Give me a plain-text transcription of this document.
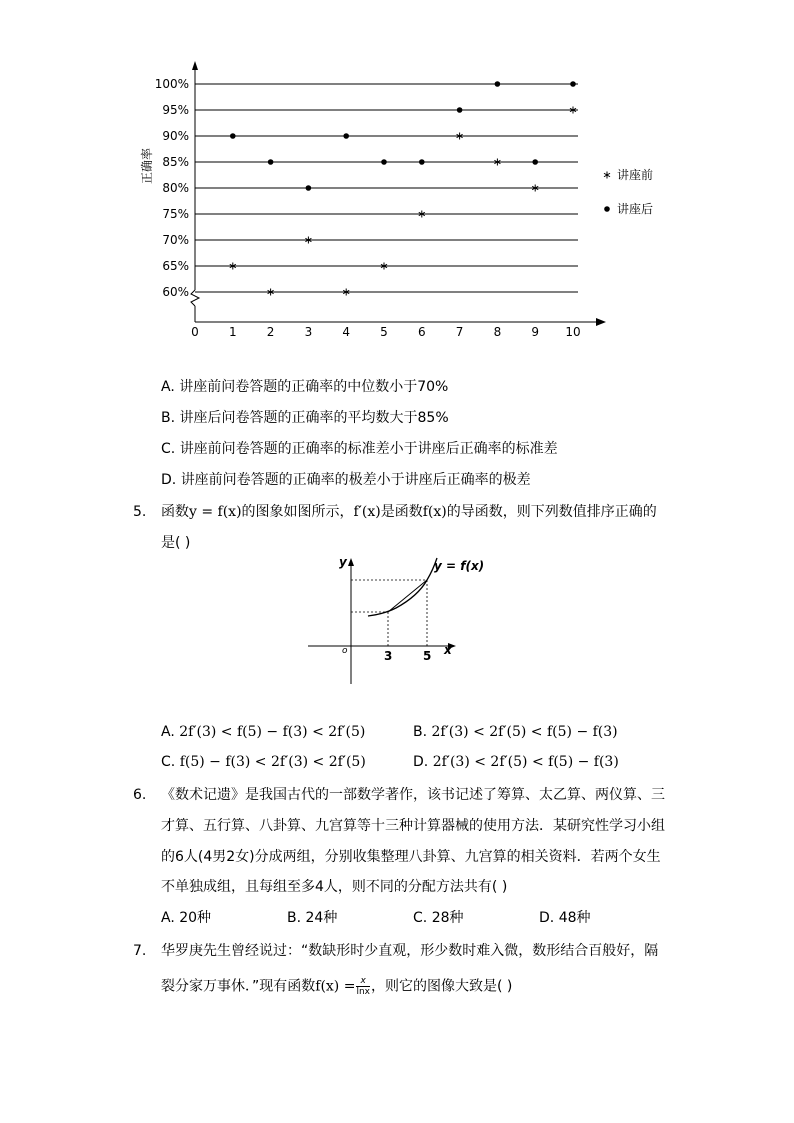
100%
95%
90%
85%
80%
75%
70%
65%
60%
0	1	2	3	4	5	6	7	8	9 10
正确率	讲座前
讲座后
A. 讲座前问卷答题的正确率的中位数小于70%
B. 讲座后问卷答题的正确率的平均数大于85%
C. 讲座前问卷答题的正确率的标准差小于讲座后正确率的标准差
D. 讲座前问卷答题的正确率的极差小于讲座后正确率的极差
5. 函数y = f(x)的图象如图所示，f′(x)是函数f(x)的导函数，则下列数值排序正确的
是( )
y
x
o	3	5
y = f(x)
A. 2f′(3) < f(5) − f(3) < 2f′(5)	B. 2f′(3) < 2f′(5) < f(5) − f(3)
C. f(5) − f(3) < 2f′(3) < 2f′(5)	D. 2f′(3) < 2f′(5) < f(5) − f(3)
6. 《数术记遗》是我国古代的一部数学著作，该书记述了筹算、太乙算、两仪算、三
才算、五行算、八卦算、九宫算等十三种计算器械的使用方法．某研究性学习小组
的6人(4男2女)分成两组，分别收集整理八卦算、九宫算的相关资料．若两个女生
不单独成组，且每组至多4人，则不同的分配方法共有( )
A. 20种	B. 24种	C. 28种	D. 48种
7. 华罗庚先生曾经说过：“数缺形时少直观，形少数时难入微，数形结合百般好，隔
裂分家万事休．”现有函数$f(x) = \frac{x}{\ln x}$ ，则它的图像大致是( )
